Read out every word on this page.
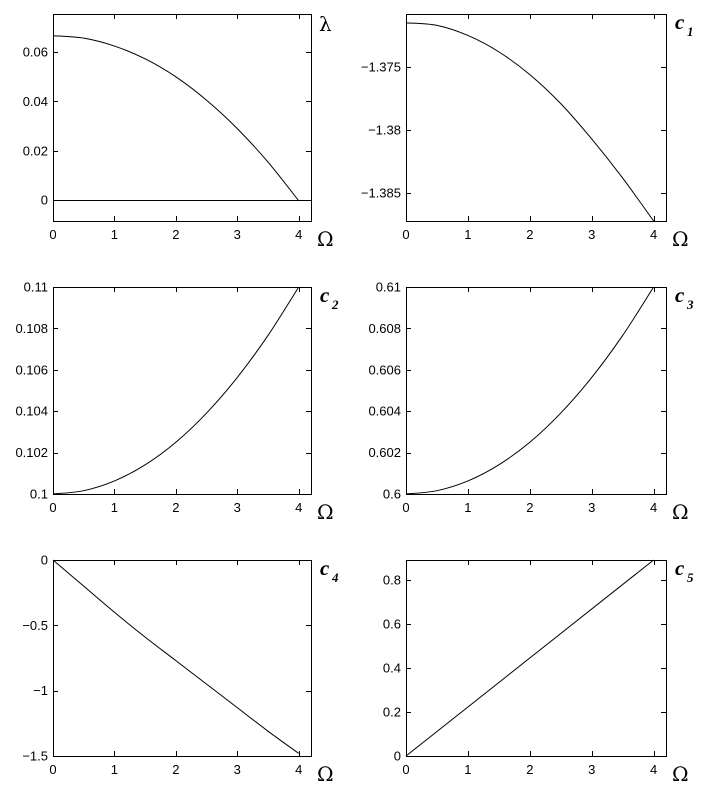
0	1	2	3	4
0
0.02
0.04
0.06
λ
Ω	0	1	2	3	4
−1.375
−1.38
−1.385
c 1
Ω
0	1	2	3	4
0.1
0.102
0.104
0.106
0.108
0.11	c 2
Ω	0	1	2	3	4
0.6
0.602
0.604
0.606
0.608
0.61	c 3
Ω
0	1	2	3	4
0
−0.5
−1
−1.5
c 4
Ω	0	1	2	3	4
0
0.2
0.4
0.6
0.8	c 5
Ω
